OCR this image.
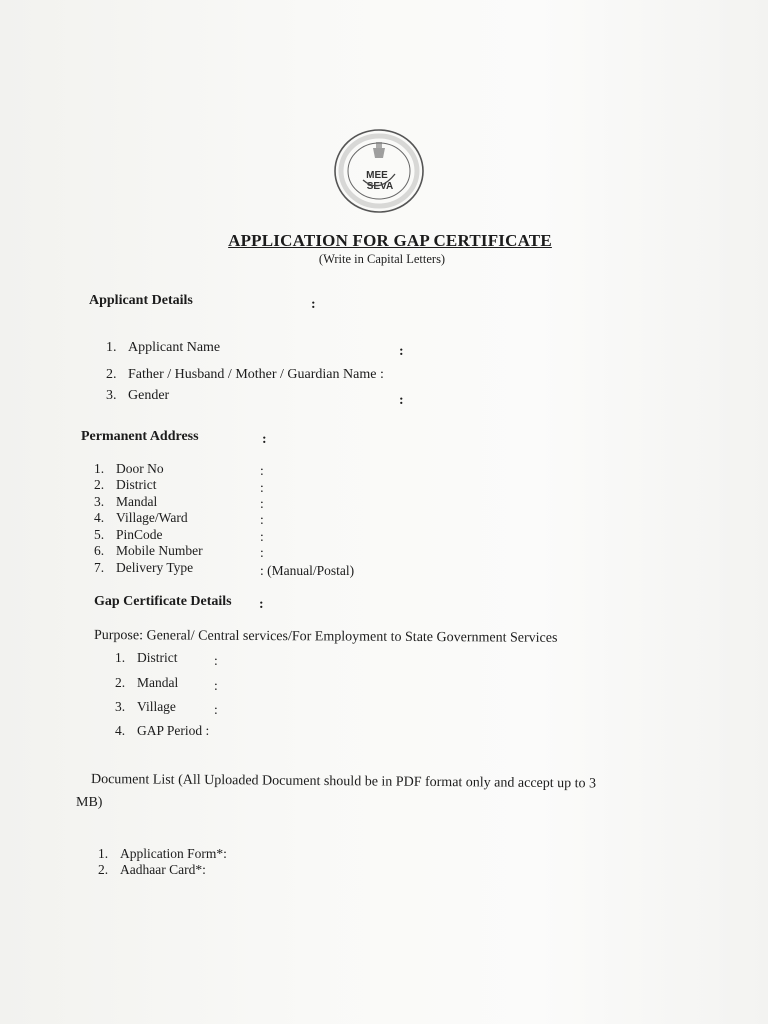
MEE
SEVA
APPLICATION FOR GAP CERTIFICATE
(Write in Capital Letters)
Applicant Details	:
1. Applicant Name	:
2. Father / Husband / Mother / Guardian Name :
3. Gender	:
Permanent Address	:
1. Door No	:
2. District	:
3. Mandal	:
4. Village/Ward	:
5. PinCode	:
6. Mobile Number	:
7. Delivery Type	: (Manual/Postal)
Gap Certificate Details :
Purpose: General/ Central services/For Employment to State Government Services
1. District	:
2. Mandal	:
3. Village	:
4. GAP Period :
Document List (All Uploaded Document should be in PDF format only and accept up to 3
MB)
1. Application Form*:
2. Aadhaar Card*:
